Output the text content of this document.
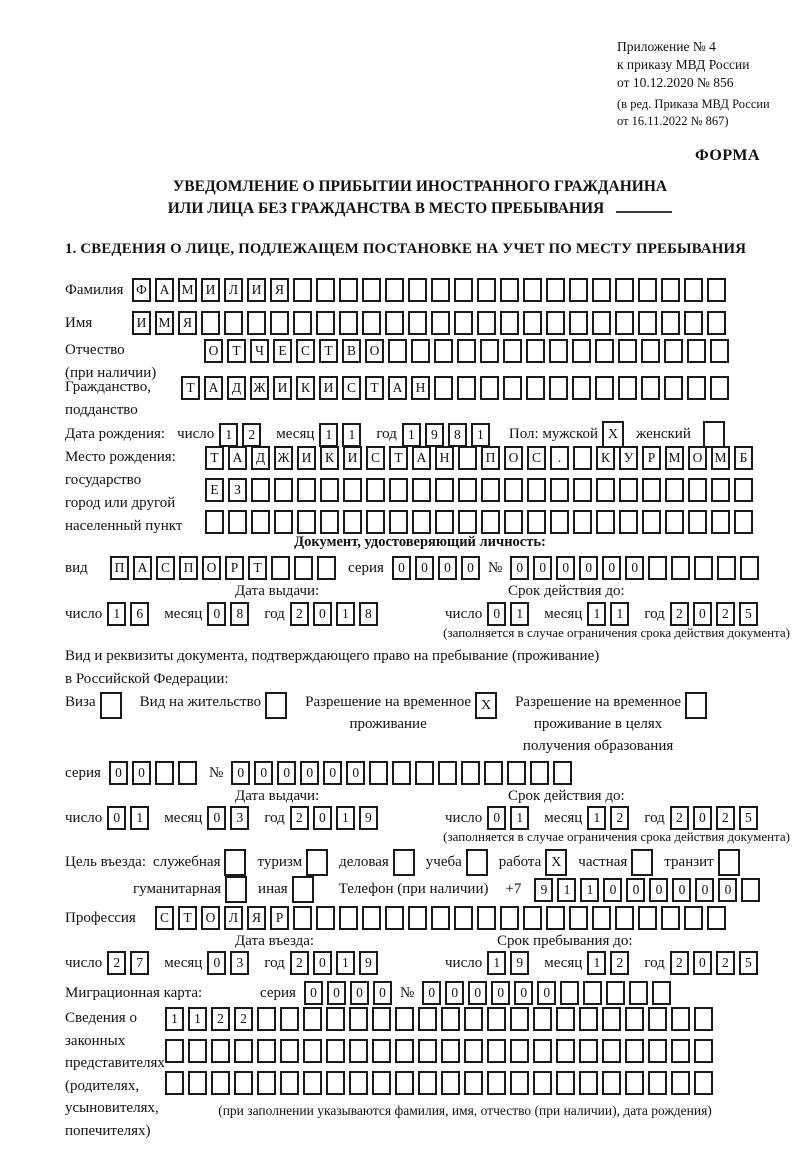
Приложение № 4
к приказу МВД России
от 10.12.2020 № 856
(в ред. Приказа МВД России
от 16.11.2022 № 867)
ФОРМА
УВЕДОМЛЕНИЕ О ПРИБЫТИИ ИНОСТРАННОГО ГРАЖДАНИНА
ИЛИ ЛИЦА БЕЗ ГРАЖДАНСТВА В МЕСТО ПРЕБЫВАНИЯ
1. СВЕДЕНИЯ О ЛИЦЕ, ПОДЛЕЖАЩЕМ ПОСТАНОВКЕ НА УЧЕТ ПО МЕСТУ ПРЕБЫВАНИЯ
Фамилия Ф А М И	Л	И	Я
Имя	И М Я
Отчество
(при наличии)
О	Т	Ч	Е	С	Т	В	О
Гражданство,
подданство
Т	А	Д Ж И	К	И	С	Т	А Н
Дата рождения: число 1	2	месяц 1	1	год 1	9	8	1	Пол: мужской X	женский
Место рождения:
государство
город или другой
населенный пункт
Т	А	Д Ж И	К	И	С	Т	А Н	П О	С	.	К	У	Р М О М Б
Е	З
Документ, удостоверяющий личность:
вид	П А	С	П О	Р	Т	серия	0	0	0	0 №	0	0	0	0	0	0
Дата выдачи:	Срок действия до:
число 1	6	месяц 0	8	год 2	0	1	8	число 0	1	месяц 1	1	год 2	0	2	5
(заполняется в случае ограничения срока действия документа)
Вид и реквизиты документа, подтверждающего право на пребывание (проживание)
в Российской Федерации:
Виза	Вид на жительство	Разрешение на временное
проживание
X	Разрешение на временное
проживание в целях
получения образования
серия	0	0	№	0	0	0	0	0	0
Дата выдачи:	Срок действия до:
число 0	1	месяц 0	3	год 2	0	1	9	число 0	1	месяц 1	2	год 2	0	2	5
(заполняется в случае ограничения срока действия документа)
Цель въезда: служебная туризм деловая учеба работа X	частная транзит
гуманитарная иная	Телефон (при наличии) +7	9	1	1	0	0	0	0	0	0
Профессия	С	Т	О	Л	Я	Р
Дата въезда:	Срок пребывания до:
число 2	7	месяц 0	3	год 2	0	1	9	число 1	9	месяц 1	2	год 2	0	2	5
Миграционная карта:	серия	0	0	0	0 №	0	0	0	0	0	0
Сведения о
законных
представителях
(родителях,
усыновителях,
попечителях)
1	1	2	2
(при заполнении указываются фамилия, имя, отчество (при наличии), дата рождения)
